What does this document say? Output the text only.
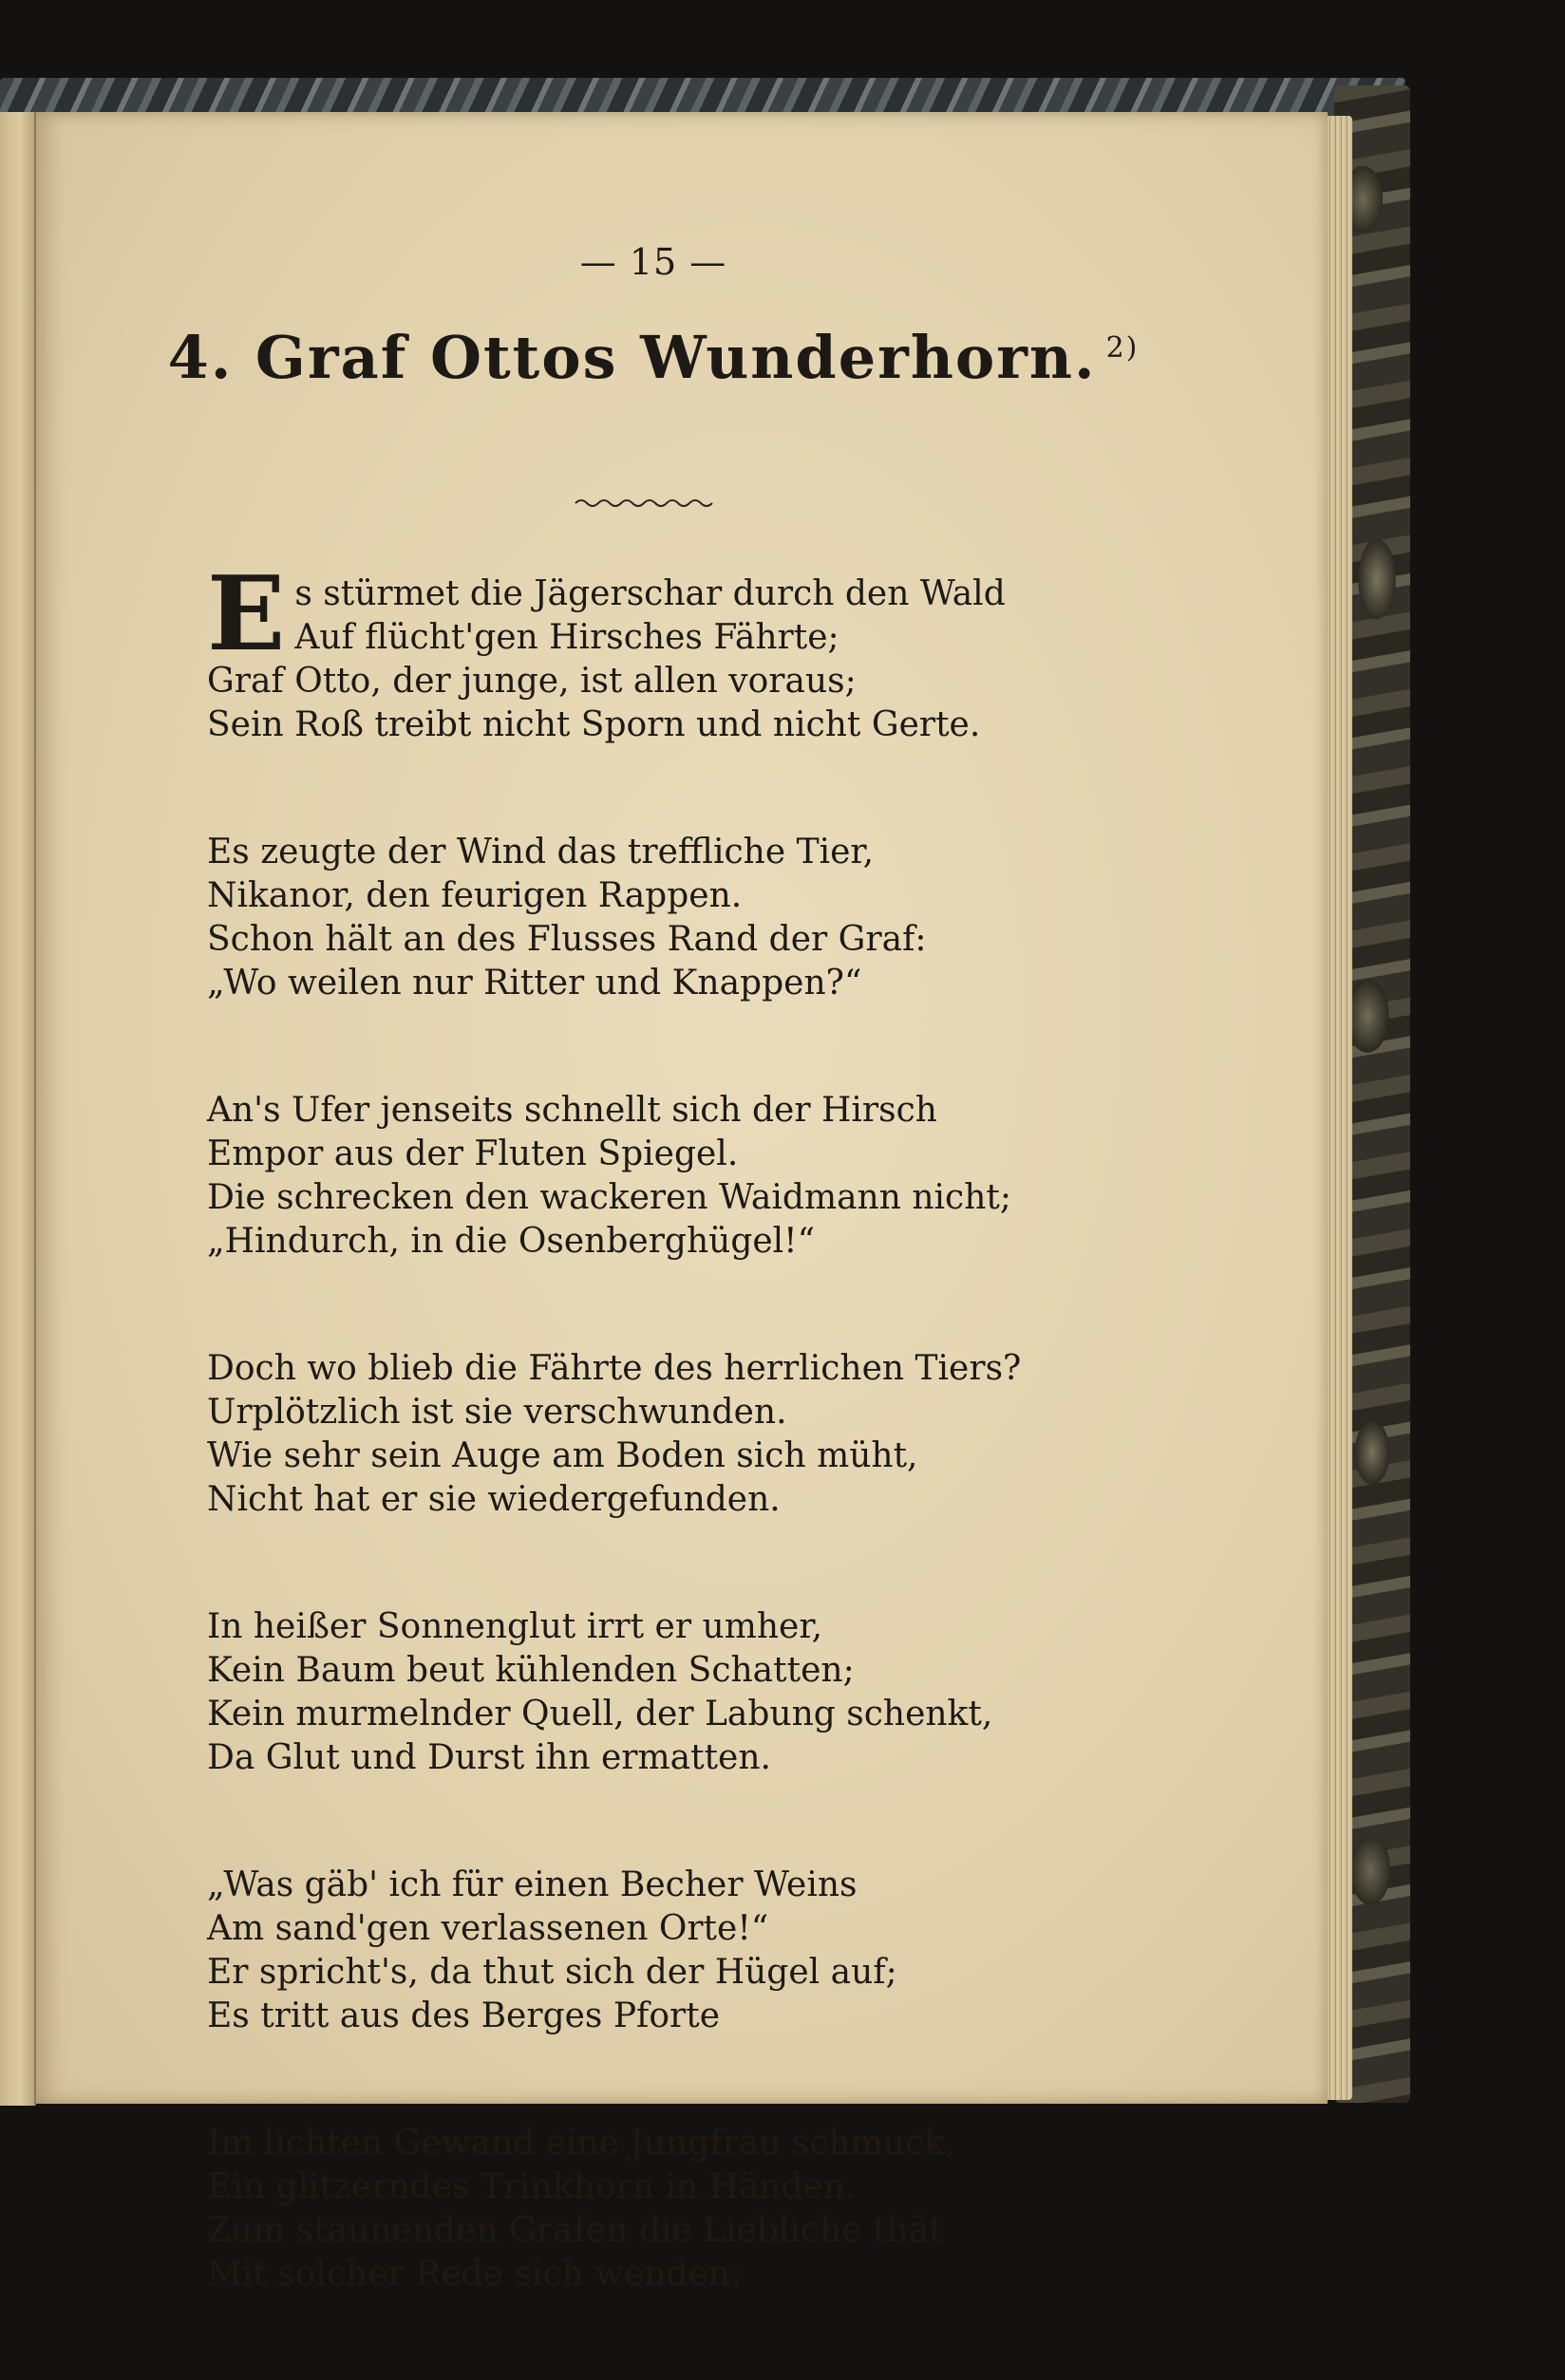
— 15 —
4. Graf Ottos Wunderhorn. $^{2)}$
Es stürmet die Jägerschar durch den Wald
Auf flücht'gen Hirsches Fährte;
Graf Otto, der junge, ist allen voraus;
Sein Roß treibt nicht Sporn und nicht Gerte.
Es zeugte der Wind das treffliche Tier,
Nikanor, den feurigen Rappen.
Schon hält an des Flusses Rand der Graf:
„Wo weilen nur Ritter und Knappen?“
An's Ufer jenseits schnellt sich der Hirsch
Empor aus der Fluten Spiegel.
Die schrecken den wackeren Waidmann nicht;
„Hindurch, in die Osenberghügel!“
Doch wo blieb die Fährte des herrlichen Tiers?
Urplötzlich ist sie verschwunden.
Wie sehr sein Auge am Boden sich müht,
Nicht hat er sie wiedergefunden.
In heißer Sonnenglut irrt er umher,
Kein Baum beut kühlenden Schatten;
Kein murmelnder Quell, der Labung schenkt,
Da Glut und Durst ihn ermatten.
„Was gäb' ich für einen Becher Weins
Am sand'gen verlassenen Orte!“
Er spricht's, da thut sich der Hügel auf;
Es tritt aus des Berges Pforte
Im lichten Gewand eine Jungfrau schmuck,
Ein glitzerndes Trinkhorn in Händen.
Zum staunenden Grafen die Liebliche thät
Mit solcher Rede sich wenden:
